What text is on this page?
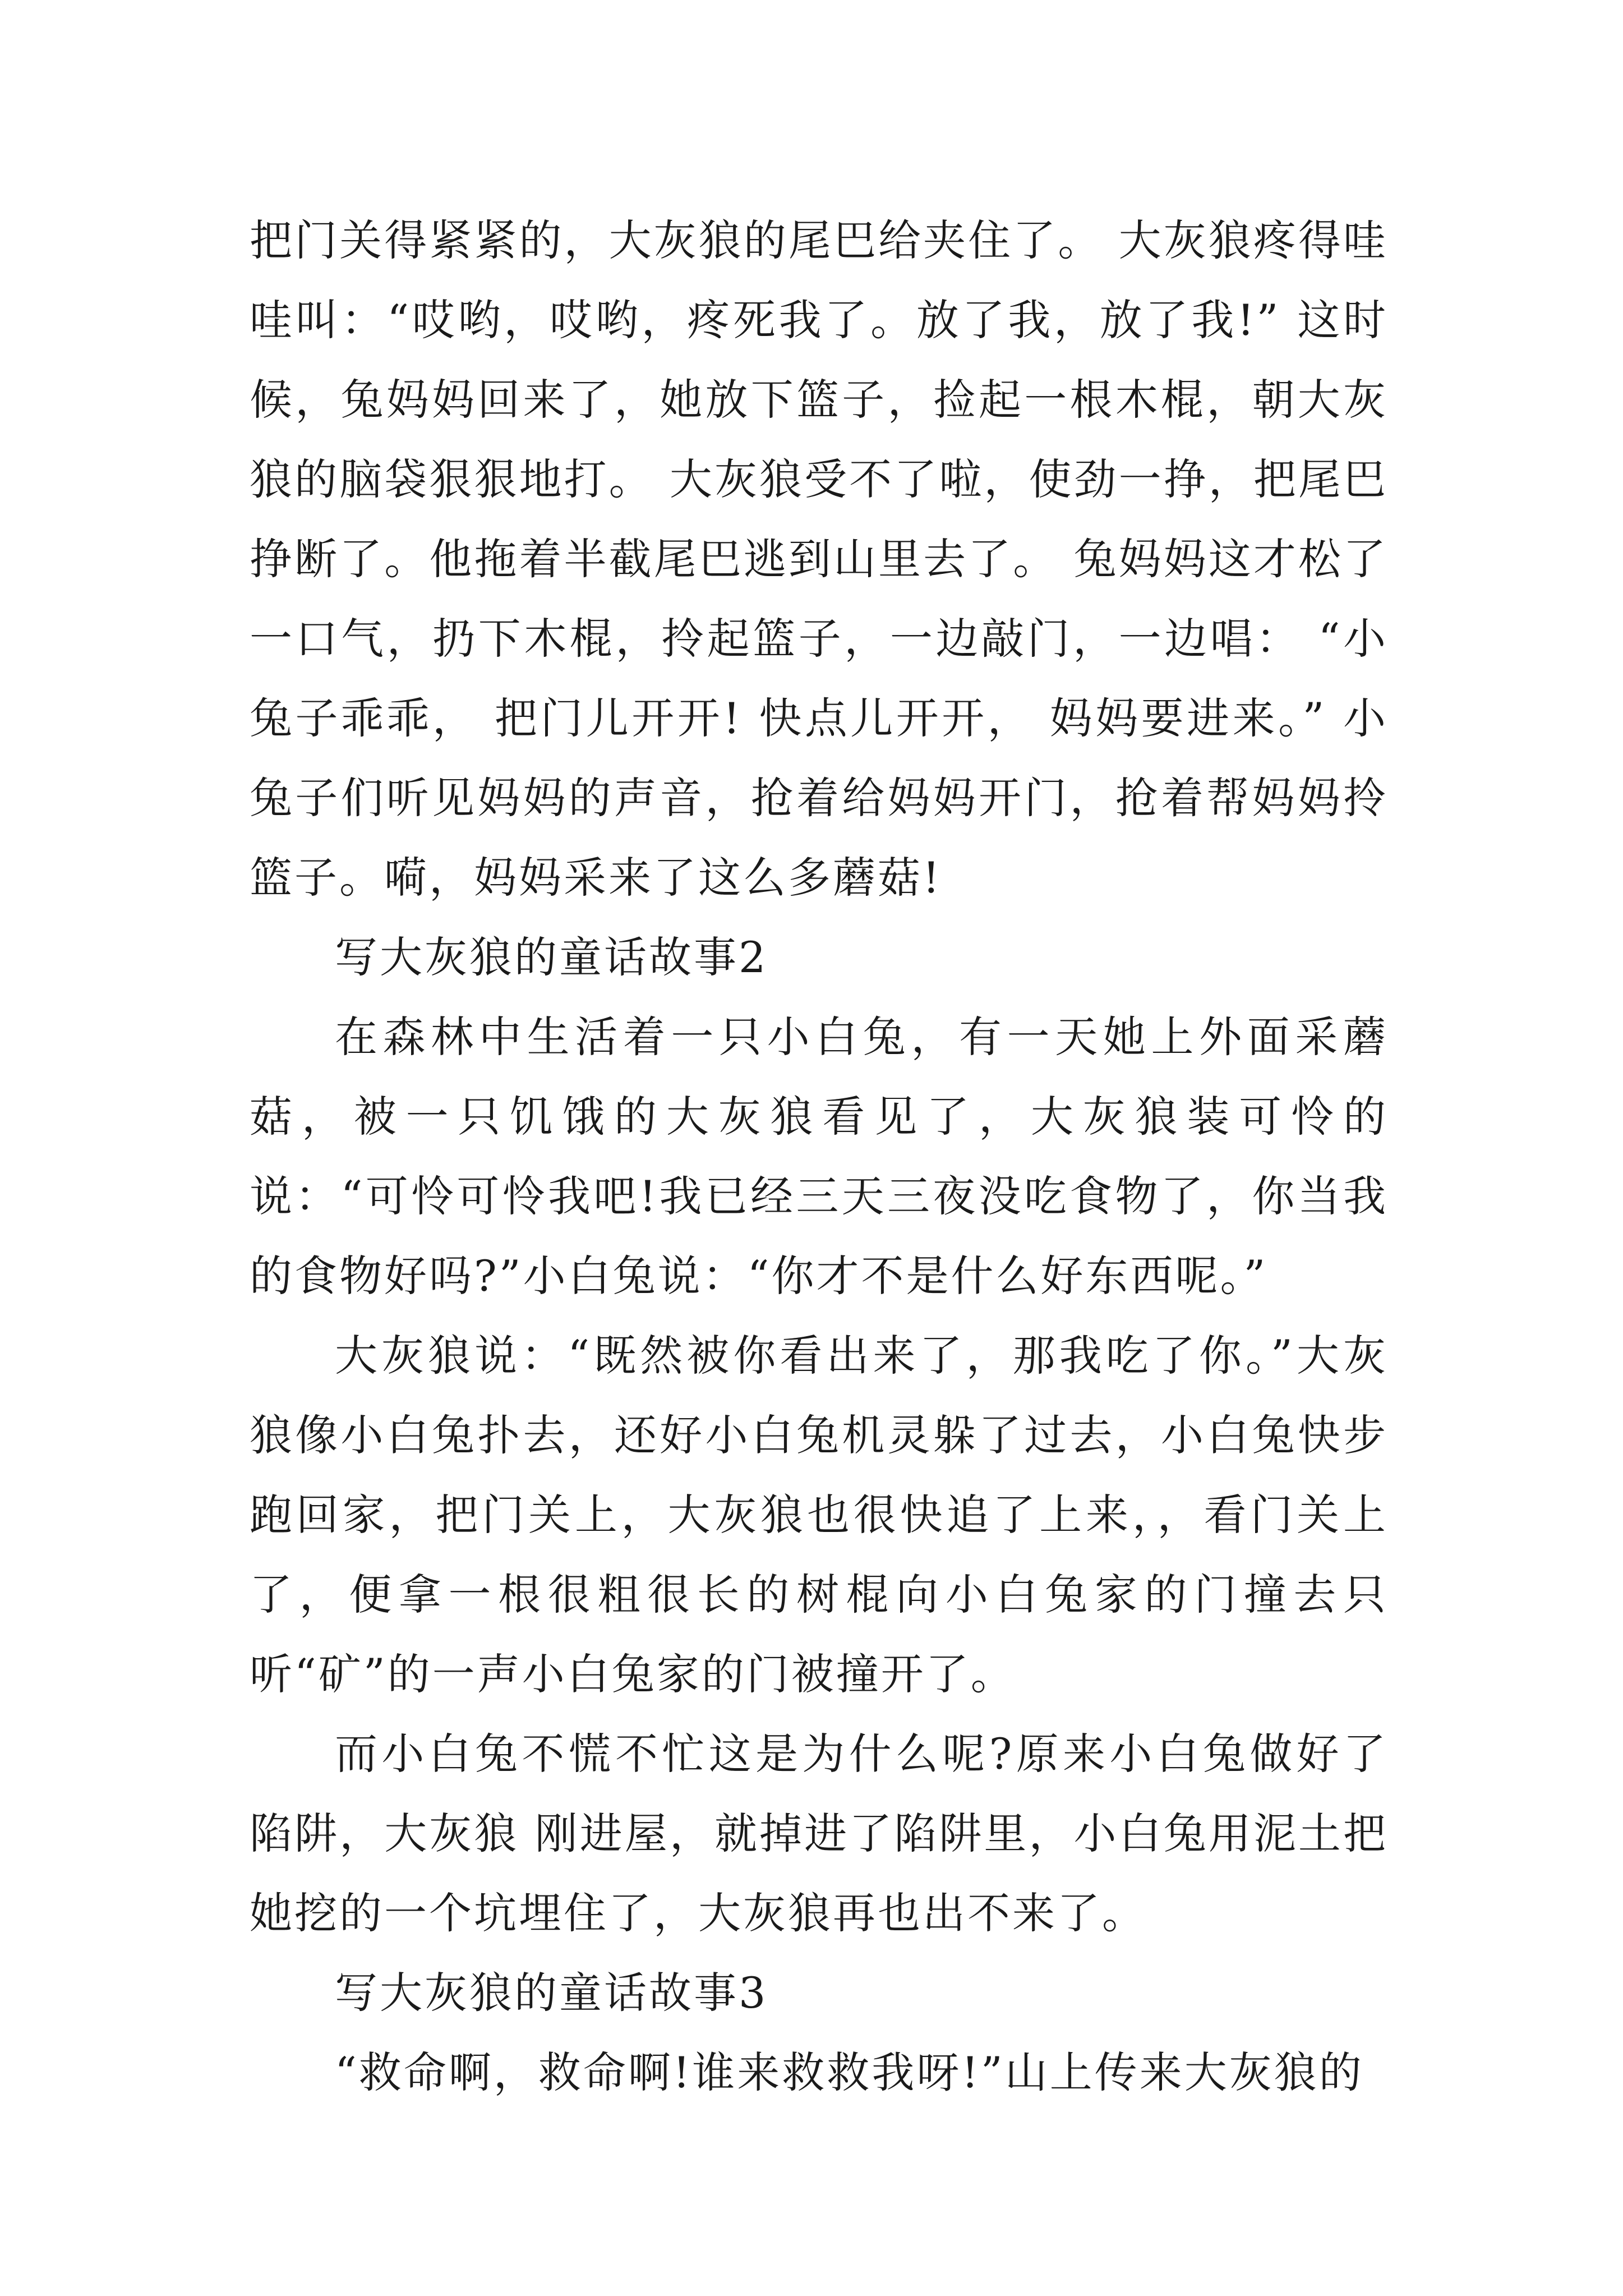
把门关得紧紧的，大灰狼的尾巴给夹住了。 大灰狼疼得哇哇叫：“哎哟，哎哟，疼死我了。放了我，放了我!” 这时候，兔妈妈回来了，她放下篮子，捡起一根木棍，朝大灰狼的脑袋狠狠地打。 大灰狼受不了啦，使劲一挣，把尾巴挣断了。他拖着半截尾巴逃到山里去了。 兔妈妈这才松了一口气，扔下木棍，拎起篮子，一边敲门，一边唱： “小兔子乖乖， 把门儿开开! 快点儿开开， 妈妈要进来。” 小兔子们听见妈妈的声音，抢着给妈妈开门，抢着帮妈妈拎篮子。嗬，妈妈采来了这么多蘑菇!

写大灰狼的童话故事2

在森林中生活着一只小白兔，有一天她上外面采蘑菇，被一只饥饿的大灰狼看见了，大灰狼装可怜的说：“可怜可怜我吧!我已经三天三夜没吃食物了，你当我的食物好吗?”小白兔说：“你才不是什么好东西呢。”

大灰狼说：“既然被你看出来了，那我吃了你。”大灰狼像小白兔扑去，还好小白兔机灵躲了过去，小白兔快步跑回家，把门关上，大灰狼也很快追了上来，，看门关上了，便拿一根很粗很长的树棍向小白兔家的门撞去只听“矿”的一声小白兔家的门被撞开了。

而小白兔不慌不忙这是为什么呢?原来小白兔做好了陷阱，大灰狼 刚进屋，就掉进了陷阱里，小白兔用泥土把她挖的一个坑埋住了，大灰狼再也出不来了。

写大灰狼的童话故事3

“救命啊，救命啊!谁来救救我呀!”山上传来大灰狼的
